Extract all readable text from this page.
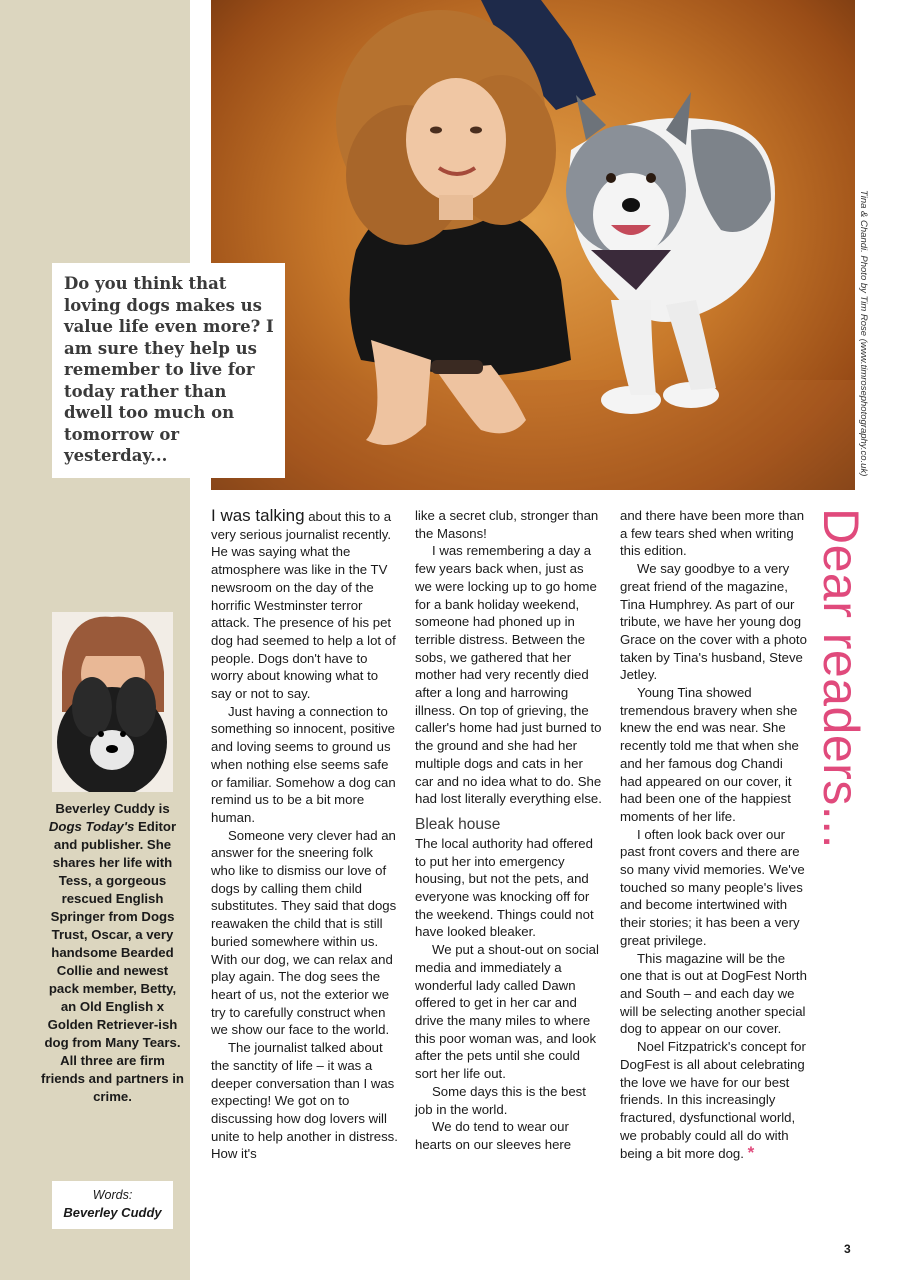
Tina & Chandi. Photo by Tim Rose (www.timrosephotography.co.uk)
Do you think that loving dogs makes us value life even more? I am sure they help us remember to live for today rather than dwell too much on tomorrow or yesterday...
Dear readers...
Beverley Cuddy is Dogs Today's Editor and publisher. She shares her life with Tess, a gorgeous rescued English Springer from Dogs Trust, Oscar, a very handsome Bearded Collie and newest pack member, Betty, an Old English x Golden Retriever-ish dog from Many Tears. All three are firm friends and partners in crime.
Words:
Beverley Cuddy

I was talking about this to a very serious journalist recently. He was saying what the atmosphere was like in the TV newsroom on the day of the horrific Westminster terror attack. The presence of his pet dog had seemed to help a lot of people. Dogs don't have to worry about knowing what to say or not to say.

Just having a connection to something so innocent, positive and loving seems to ground us when nothing else seems safe or familiar. Somehow a dog can remind us to be a bit more human.

Someone very clever had an answer for the sneering folk who like to dismiss our love of dogs by calling them child substitutes. They said that dogs reawaken the child that is still buried somewhere within us. With our dog, we can relax and play again. The dog sees the heart of us, not the exterior we try to carefully construct when we show our face to the world.

The journalist talked about the sanctity of life – it was a deeper conversation than I was expecting! We got on to discussing how dog lovers will unite to help another in distress. How it's

like a secret club, stronger than the Masons!

I was remembering a day a few years back when, just as we were locking up to go home for a bank holiday weekend, someone had phoned up in terrible distress. Between the sobs, we gathered that her mother had very recently died after a long and harrowing illness. On top of grieving, the caller's home had just burned to the ground and she had her multiple dogs and cats in her car and no idea what to do. She had lost literally everything else.

Bleak house

The local authority had offered to put her into emergency housing, but not the pets, and everyone was knocking off for the weekend. Things could not have looked bleaker.

We put a shout-out on social media and immediately a wonderful lady called Dawn offered to get in her car and drive the many miles to where this poor woman was, and look after the pets until she could sort her life out.

Some days this is the best job in the world.

We do tend to wear our hearts on our sleeves here

and there have been more than a few tears shed when writing this edition.

We say goodbye to a very great friend of the magazine, Tina Humphrey. As part of our tribute, we have her young dog Grace on the cover with a photo taken by Tina's husband, Steve Jetley.

Young Tina showed tremendous bravery when she knew the end was near. She recently told me that when she and her famous dog Chandi had appeared on our cover, it had been one of the happiest moments of her life.

I often look back over our past front covers and there are so many vivid memories. We've touched so many people's lives and become intertwined with their stories; it has been a very great privilege.

This magazine will be the one that is out at DogFest North and South – and each day we will be selecting another special dog to appear on our cover.

Noel Fitzpatrick's concept for DogFest is all about celebrating the love we have for our best friends. In this increasingly fractured, dysfunctional world, we probably could all do with being a bit more dog. *

3
